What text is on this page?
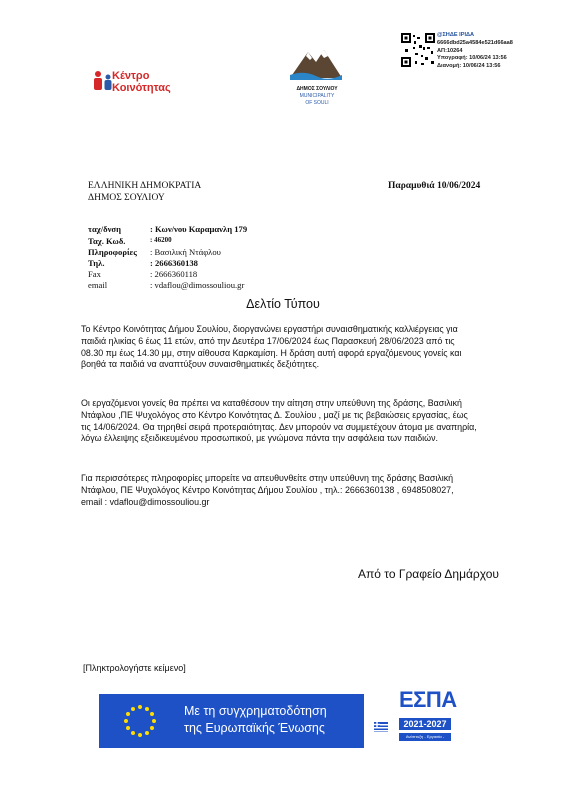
Κέντρο
Κοινότητας	ΔΗΜΟΣ ΣΟΥΛΙΟΥ
MUNICIPALITY
OF SOULI
@ΣΗΔΕ ΙΡΙΔΑ
6666dbd25a4584e521d66aa8
ΑΠ:10264
Υπογραφή: 10/06/24 13:56
Διανομή: 10/06/24 13:56
ΕΛΛΗΝΙΚΗ ΔΗΜΟΚΡΑΤΙΑ
ΔΗΜΟΣ ΣΟΥΛΙΟΥ
Παραμυθιά 10/06/2024
ταχ/δνση	: Κων/νου Καραμανλη 179
Ταχ. Κωδ.	: 46200
Πληροφορίες : Βασιλική Ντάφλου
Τηλ.	: 2666360138
Fax	: 2666360118
email	: vdaflou@dimossouliou.gr
Δελτίο Τύπου
Το Κέντρο Κοινότητας Δήμου Σουλίου, διοργανώνει εργαστήρι συναισθηματικής καλλιέργειας για
παιδιά ηλικίας 6 έως 11 ετών, από την Δευτέρα 17/06/2024 έως Παρασκευή 28/06/2023 από τις
08.30 πμ έως 14.30 μμ, στην αίθουσα Καρκαμίση. Η δράση αυτή αφορά εργαζόμενους γονείς και
βοηθά τα παιδιά να αναπτύξουν συναισθηματικές δεξιότητες.
Οι εργαζόμενοι γονείς θα πρέπει να καταθέσουν την αίτηση στην υπεύθυνη της δράσης, Βασιλική
Ντάφλου ,ΠΕ Ψυχολόγος στο Κέντρο Κοινότητας Δ. Σουλίου , μαζί με τις βεβαιώσεις εργασίας, έως
τις 14/06/2024. Θα τηρηθεί σειρά προτεραιότητας. Δεν μπορούν να συμμετέχουν άτομα με αναπηρία,
λόγω έλλειψης εξειδικευμένου προσωπικού, με γνώμονα πάντα την ασφάλεια των παιδιών.
Για περισσότερες πληροφορίες μπορείτε να απευθυνθείτε στην υπεύθυνη της δράσης Βασιλική
Ντάφλου, ΠΕ Ψυχολόγος Κέντρο Κοινότητας Δήμου Σουλίου , τηλ.: 2666360138 , 6948508027,
email : vdaflou@dimossouliou.gr
Από το Γραφείο Δημάρχου
[Πληκτρολογήστε κείμενο]
Με τη συγχρηματοδότηση
της Ευρωπαϊκής Ένωσης
ΕΣΠΑ
2021-2027
Ανάπτυξη - Εργασία - Αλληλεγγύη
